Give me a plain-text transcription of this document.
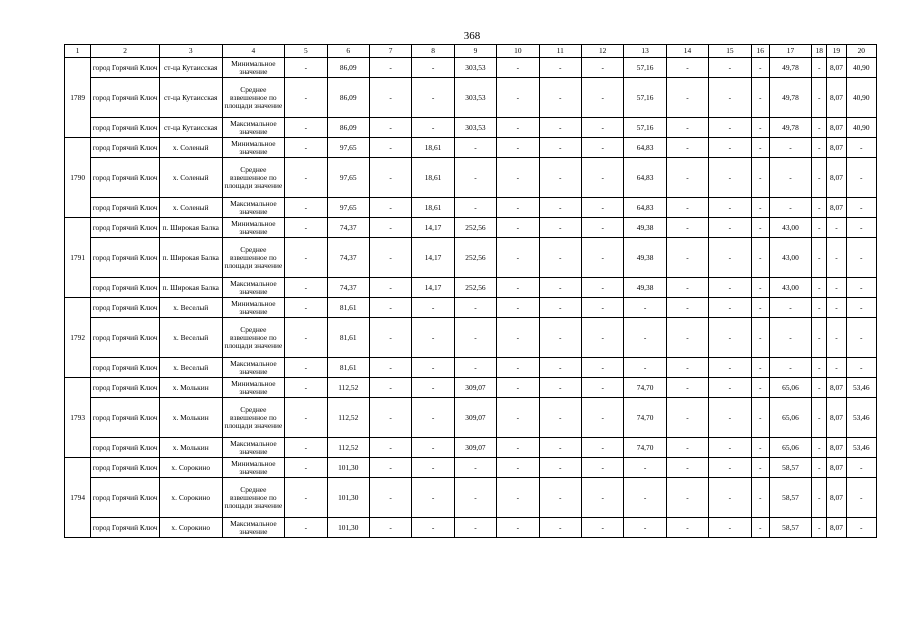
368
1	2	3	4	5	6	7	8	9	10	11	12	13	14	15	16	17	18	19	20
1789	город Горячий Ключ	ст-ца Кутаисская	Минимальное значение	-	86,09	-	-	303,53	-	-	-	57,16	-	-	-	49,78	-	8,07	40,90
	город Горячий Ключ	ст-ца Кутаисская	Среднее взвешенное по площади значение	-	86,09	-	-	303,53	-	-	-	57,16	-	-	-	49,78	-	8,07	40,90
	город Горячий Ключ	ст-ца Кутаисская	Максимальное значение	-	86,09	-	-	303,53	-	-	-	57,16	-	-	-	49,78	-	8,07	40,90
1790	город Горячий Ключ	х. Соленый	Минимальное значение	-	97,65	-	18,61	-	-	-	-	64,83	-	-	-	-	-	8,07	-
	город Горячий Ключ	х. Соленый	Среднее взвешенное по площади значение	-	97,65	-	18,61	-	-	-	-	64,83	-	-	-	-	-	8,07	-
	город Горячий Ключ	х. Соленый	Максимальное значение	-	97,65	-	18,61	-	-	-	-	64,83	-	-	-	-	-	8,07	-
1791	город Горячий Ключ	п. Широкая Балка	Минимальное значение	-	74,37	-	14,17	252,56	-	-	-	49,38	-	-	-	43,00	-	-	-
	город Горячий Ключ	п. Широкая Балка	Среднее взвешенное по площади значение	-	74,37	-	14,17	252,56	-	-	-	49,38	-	-	-	43,00	-	-	-
	город Горячий Ключ	п. Широкая Балка	Максимальное значение	-	74,37	-	14,17	252,56	-	-	-	49,38	-	-	-	43,00	-	-	-
1792	город Горячий Ключ	х. Веселый	Минимальное значение	-	81,61	-	-	-	-	-	-	-	-	-	-	-	-	-	-
	город Горячий Ключ	х. Веселый	Среднее взвешенное по площади значение	-	81,61	-	-	-	-	-	-	-	-	-	-	-	-	-	-
	город Горячий Ключ	х. Веселый	Максимальное значение	-	81,61	-	-	-	-	-	-	-	-	-	-	-	-	-	-
1793	город Горячий Ключ	х. Молькин	Минимальное значение	-	112,52	-	-	309,07	-	-	-	74,70	-	-	-	65,06	-	8,07	53,46
	город Горячий Ключ	х. Молькин	Среднее взвешенное по площади значение	-	112,52	-	-	309,07	-	-	-	74,70	-	-	-	65,06	-	8,07	53,46
	город Горячий Ключ	х. Молькин	Максимальное значение	-	112,52	-	-	309,07	-	-	-	74,70	-	-	-	65,06	-	8,07	53,46
1794	город Горячий Ключ	х. Сорокино	Минимальное значение	-	101,30	-	-	-	-	-	-	-	-	-	-	58,57	-	8,07	-
	город Горячий Ключ	х. Сорокино	Среднее взвешенное по площади значение	-	101,30	-	-	-	-	-	-	-	-	-	-	58,57	-	8,07	-
	город Горячий Ключ	х. Сорокино	Максимальное значение	-	101,30	-	-	-	-	-	-	-	-	-	-	58,57	-	8,07	-
